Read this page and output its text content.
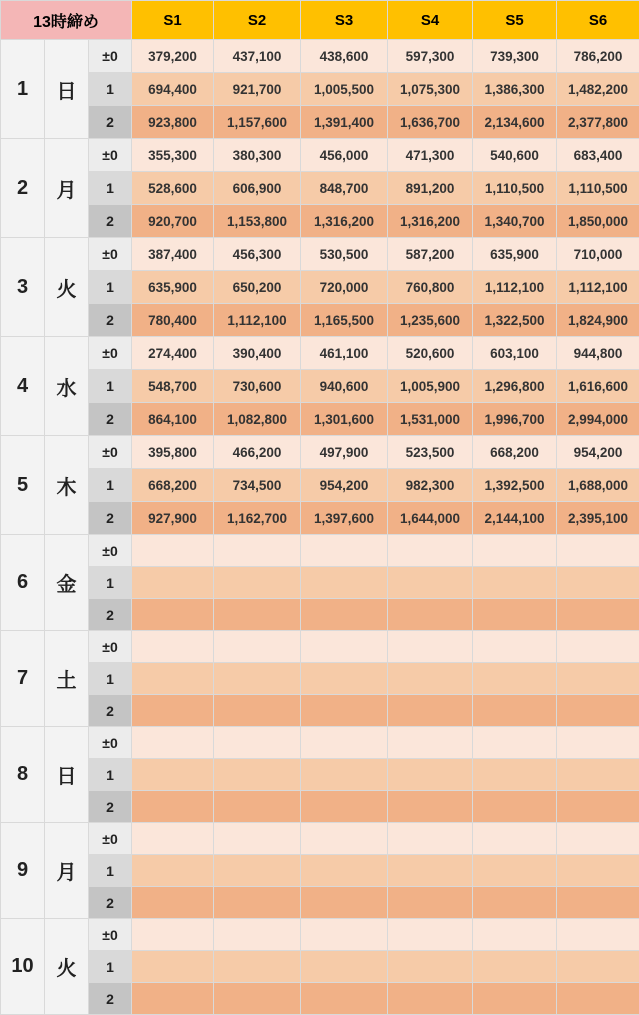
13時締め			S1	S2	S3	S4	S5	S6
1	日	±0	379,200	437,100	438,600	597,300	739,300	786,200
		1	694,400	921,700	1,005,500	1,075,300	1,386,300	1,482,200
		2	923,800	1,157,600	1,391,400	1,636,700	2,134,600	2,377,800
2	月	±0	355,300	380,300	456,000	471,300	540,600	683,400
		1	528,600	606,900	848,700	891,200	1,110,500	1,110,500
		2	920,700	1,153,800	1,316,200	1,316,200	1,340,700	1,850,000
3	火	±0	387,400	456,300	530,500	587,200	635,900	710,000
		1	635,900	650,200	720,000	760,800	1,112,100	1,112,100
		2	780,400	1,112,100	1,165,500	1,235,600	1,322,500	1,824,900
4	水	±0	274,400	390,400	461,100	520,600	603,100	944,800
		1	548,700	730,600	940,600	1,005,900	1,296,800	1,616,600
		2	864,100	1,082,800	1,301,600	1,531,000	1,996,700	2,994,000
5	木	±0	395,800	466,200	497,900	523,500	668,200	954,200
		1	668,200	734,500	954,200	982,300	1,392,500	1,688,000
		2	927,900	1,162,700	1,397,600	1,644,000	2,144,100	2,395,100
6	金	±0						
		1						
		2						
7	土	±0						
		1						
		2						
8	日	±0						
		1						
		2						
9	月	±0						
		1						
		2						
10	火	±0						
		1						
		2						
